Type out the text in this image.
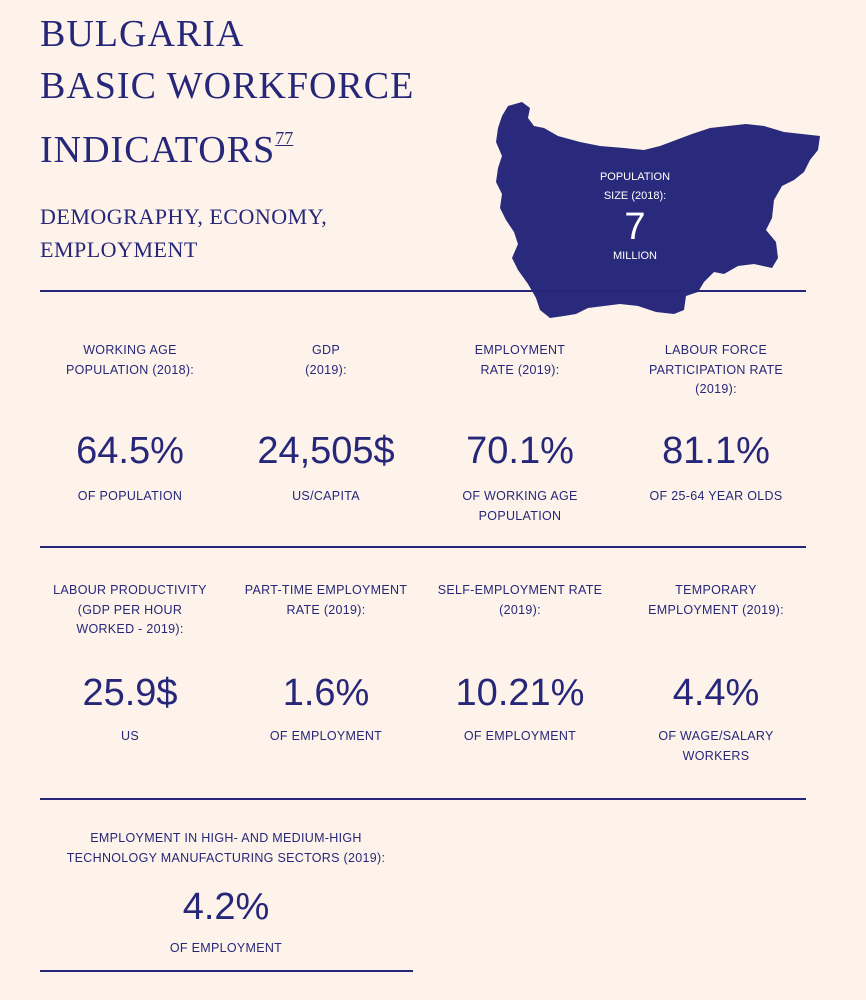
BULGARIA
BASIC WORKFORCE
INDICATORS$^{77}$
DEMOGRAPHY, ECONOMY,
EMPLOYMENT
POPULATION
SIZE (2018):
7
MILLION
WORKING AGE
POPULATION (2018):
64.5%
OF POPULATION
GDP
(2019):
24,505$
US/CAPITA
EMPLOYMENT
RATE (2019):
70.1%
OF WORKING AGE
POPULATION
LABOUR FORCE
PARTICIPATION RATE
(2019):
81.1%
OF 25-64 YEAR OLDS
LABOUR PRODUCTIVITY
(GDP PER HOUR
WORKED - 2019):
25.9$
US
PART-TIME EMPLOYMENT
RATE (2019):
1.6%
OF EMPLOYMENT
SELF-EMPLOYMENT RATE
(2019):
10.21%
OF EMPLOYMENT
TEMPORARY
EMPLOYMENT (2019):
4.4%
OF WAGE/SALARY
WORKERS
EMPLOYMENT IN HIGH- AND MEDIUM-HIGH
TECHNOLOGY MANUFACTURING SECTORS (2019):
4.2%
OF EMPLOYMENT
